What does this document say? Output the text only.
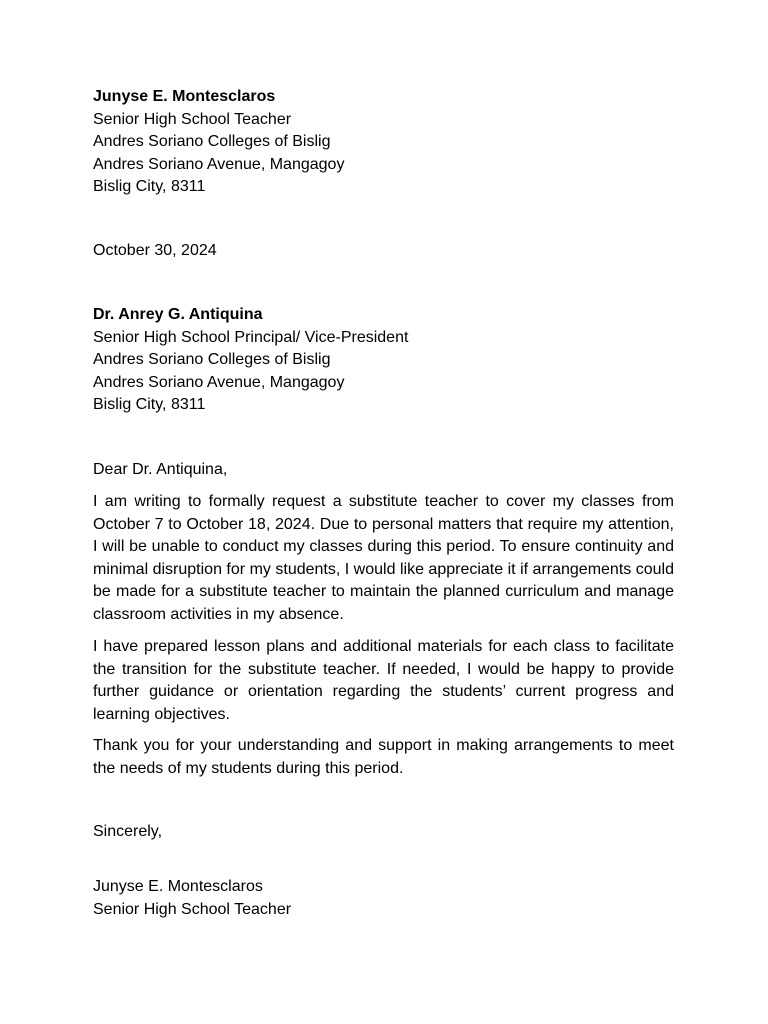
Junyse E. Montesclaros
Senior High School Teacher
Andres Soriano Colleges of Bislig
Andres Soriano Avenue, Mangagoy
Bislig City, 8311
October 30, 2024
Dr. Anrey G. Antiquina
Senior High School Principal/ Vice-President
Andres Soriano Colleges of Bislig
Andres Soriano Avenue, Mangagoy
Bislig City, 8311
Dear Dr. Antiquina,

I am writing to formally request a substitute teacher to cover my classes from October 7 to October 18, 2024. Due to personal matters that require my attention, I will be unable to conduct my classes during this period. To ensure continuity and minimal disruption for my students, I would like appreciate it if arrangements could be made for a substitute teacher to maintain the planned curriculum and manage classroom activities in my absence.

I have prepared lesson plans and additional materials for each class to facilitate the transition for the substitute teacher. If needed, I would be happy to provide further guidance or orientation regarding the students’ current progress and learning objectives.

Thank you for your understanding and support in making arrangements to meet the needs of my students during this period.

Sincerely,
Junyse E. Montesclaros
Senior High School Teacher
